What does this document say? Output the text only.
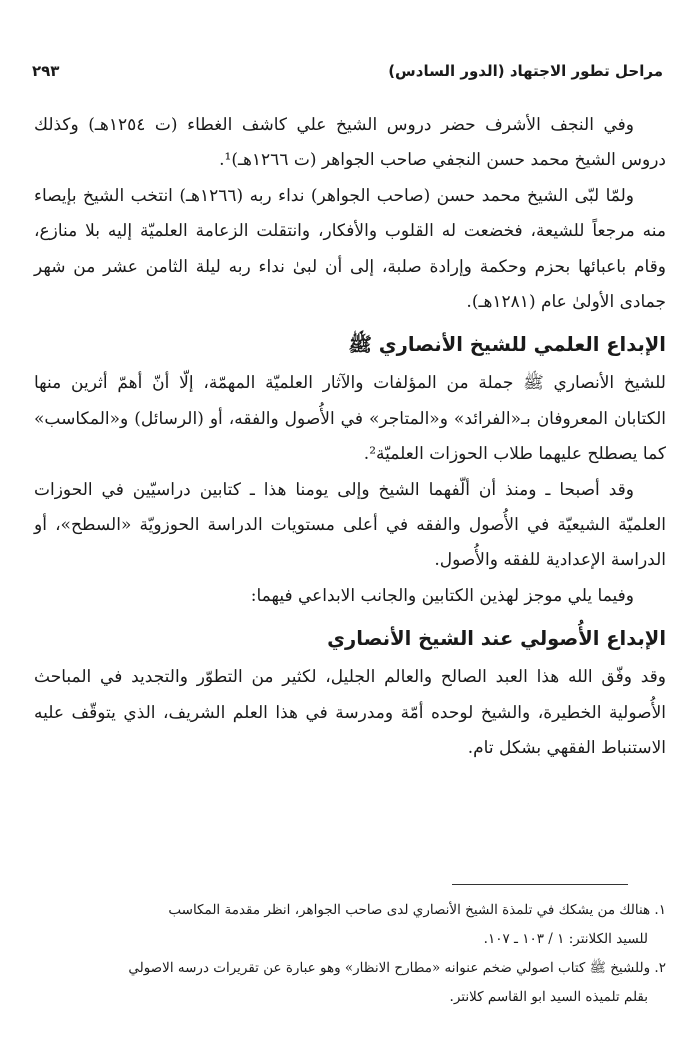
مراحل تطور الاجتهاد (الدور السادس)
٢٩٣

وفي النجف الأشرف حضر دروس الشيخ علي كاشف الغطاء (ت ١٢٥٤هـ) وكذلك دروس الشيخ محمد حسن النجفي صاحب الجواهر (ت ١٢٦٦هـ)¹.

ولمّا لبّى الشيخ محمد حسن (صاحب الجواهر) نداء ربه (١٢٦٦هـ) انتخب الشيخ بإيصاء منه مرجعاً للشيعة، فخضعت له القلوب والأفكار، وانتقلت الزعامة العلميّة إليه بلا منازع، وقام باعبائها بحزم وحكمة وإرادة صلبة، إلى أن لبىٰ نداء ربه ليلة الثامن عشر من شهر جمادى الأولىٰ عام (١٢٨١هـ).

الإبداع العلمي للشيخ الأنصاري ﷺ

للشيخ الأنصاري ﷺ جملة من المؤلفات والآثار العلميّة المهمّة، إلّا أنّ أهمّ أثرين منها الكتابان المعروفان بـ«الفرائد» و«المتاجر» في الأُصول والفقه، أو (الرسائل) و«المكاسب» كما يصطلح عليهما طلاب الحوزات العلميّة².

وقد أصبحا ـ ومنذ أن ألّفهما الشيخ وإلى يومنا هذا ـ كتابين دراسيّين في الحوزات العلميّة الشيعيّة في الأُصول والفقه في أعلى مستويات الدراسة الحوزويّة «السطح»، أو الدراسة الإعدادية للفقه والأُصول.

وفيما يلي موجز لهذين الكتابين والجانب الابداعي فيهما:

الإبداع الأُصولي عند الشيخ الأنصاري

وقد وفّق الله هذا العبد الصالح والعالم الجليل، لكثير من التطوّر والتجديد في المباحث الأُصولية الخطيرة، والشيخ لوحده أمّة ومدرسة في هذا العلم الشريف، الذي يتوقّف عليه الاستنباط الفقهي بشكل تام.

١. هنالك من يشكك في تلمذة الشيخ الأنصاري لدى صاحب الجواهر، انظر مقدمة المكاسب
للسيد الكلانتر: ١ / ١٠٣ ـ ١٠٧.

٢. وللشيخ ﷺ كتاب اصولي ضخم عنوانه «مطارح الانظار» وهو عبارة عن تقريرات درسه الاصولي
بقلم تلميذه السيد ابو القاسم كلانتر.
